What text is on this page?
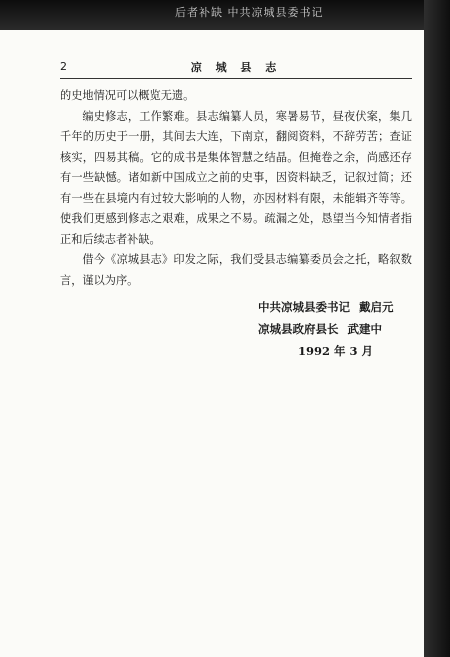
后者补缺 中共凉城县委书记
2	凉 城 县 志

的史地情况可以概览无遗。

编史修志，工作繁难。县志编纂人员，寒暑易节，昼夜伏案，集几千年的历史于一册，其间去大连，下南京，翻阅资料，不辞劳苦；查证核实，四易其稿。它的成书是集体智慧之结晶。但掩卷之余，尚感还存有一些缺憾。诸如新中国成立之前的史事，因资料缺乏，记叙过简；还有一些在县境内有过较大影响的人物，亦因材料有限，未能辑齐等等。使我们更感到修志之艰难，成果之不易。疏漏之处，恳望当今知情者指正和后续志者补缺。

借今《凉城县志》印发之际，我们受县志编纂委员会之托，略叙数言，谨以为序。

中共凉城县委书记 戴启元
凉城县政府县长 武建中
1992 年 3 月
